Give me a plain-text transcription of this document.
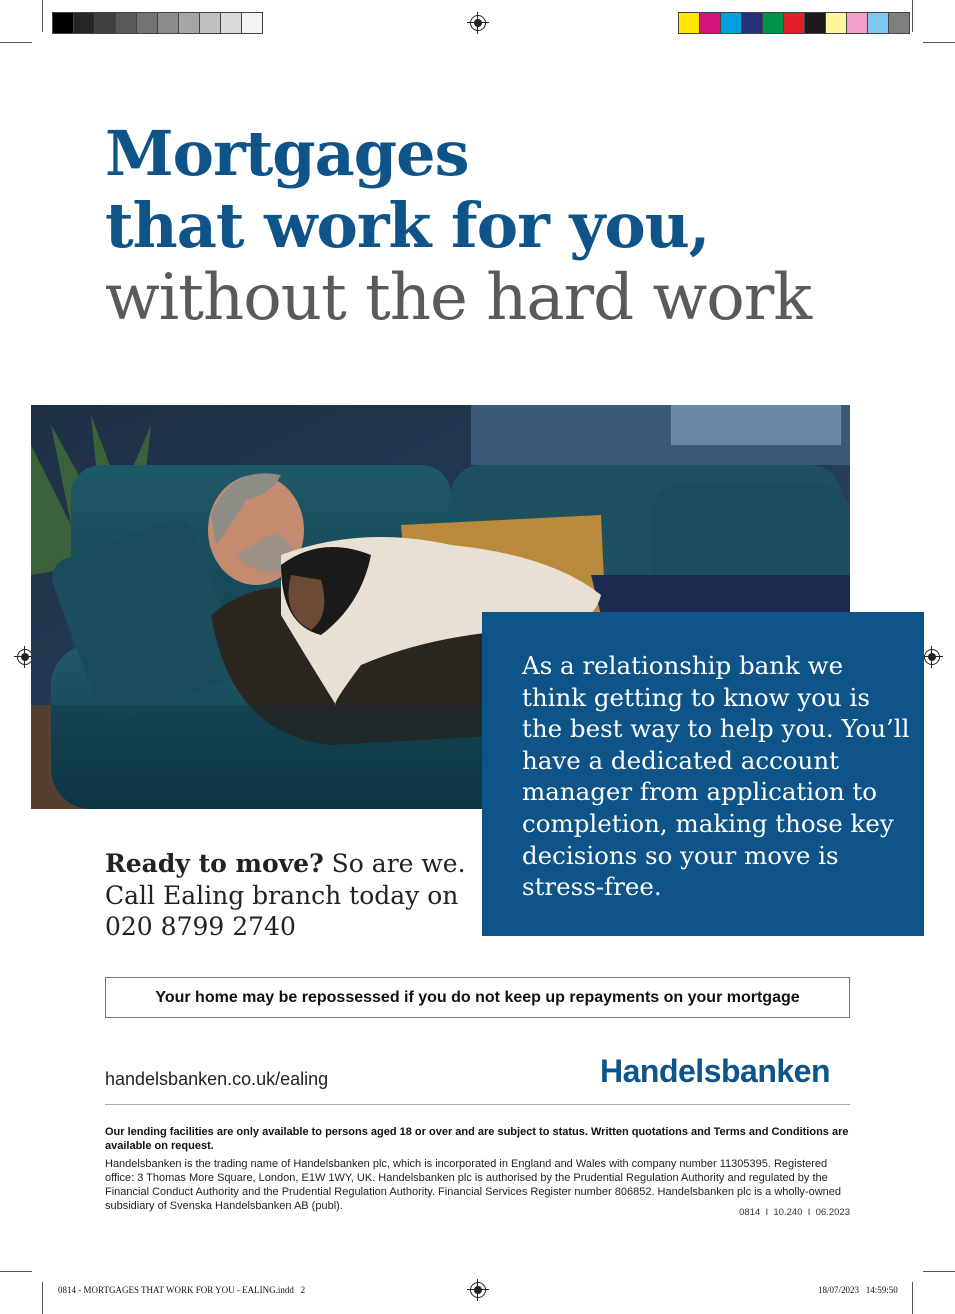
Mortgages
that work for you,
without the hard work
As a relationship bank we think getting to know you is the best way to help you. You’ll have a dedicated account manager from application to completion, making those key decisions so your move is stress-free.
Ready to move? So are we.
Call Ealing branch today on
020 8799 2740
Your home may be repossessed if you do not keep up repayments on your mortgage
handelsbanken.co.uk/ealing	Handelsbanken
Our lending facilities are only available to persons aged 18 or over and are subject to status. Written quotations and Terms and Conditions are available on request.
Handelsbanken is the trading name of Handelsbanken plc, which is incorporated in England and Wales with company number 11305395. Registered office: 3 Thomas More Square, London, E1W 1WY, UK. Handelsbanken plc is authorised by the Prudential Regulation Authority and regulated by the Financial Conduct Authority and the Prudential Regulation Authority. Financial Services Register number 806852. Handelsbanken plc is a wholly-owned subsidiary of Svenska Handelsbanken AB (publ).
0814  I  10.240  I  06.2023
0814 - MORTGAGES THAT WORK FOR YOU - EALING.indd   2	18/07/2023   14:59:50
